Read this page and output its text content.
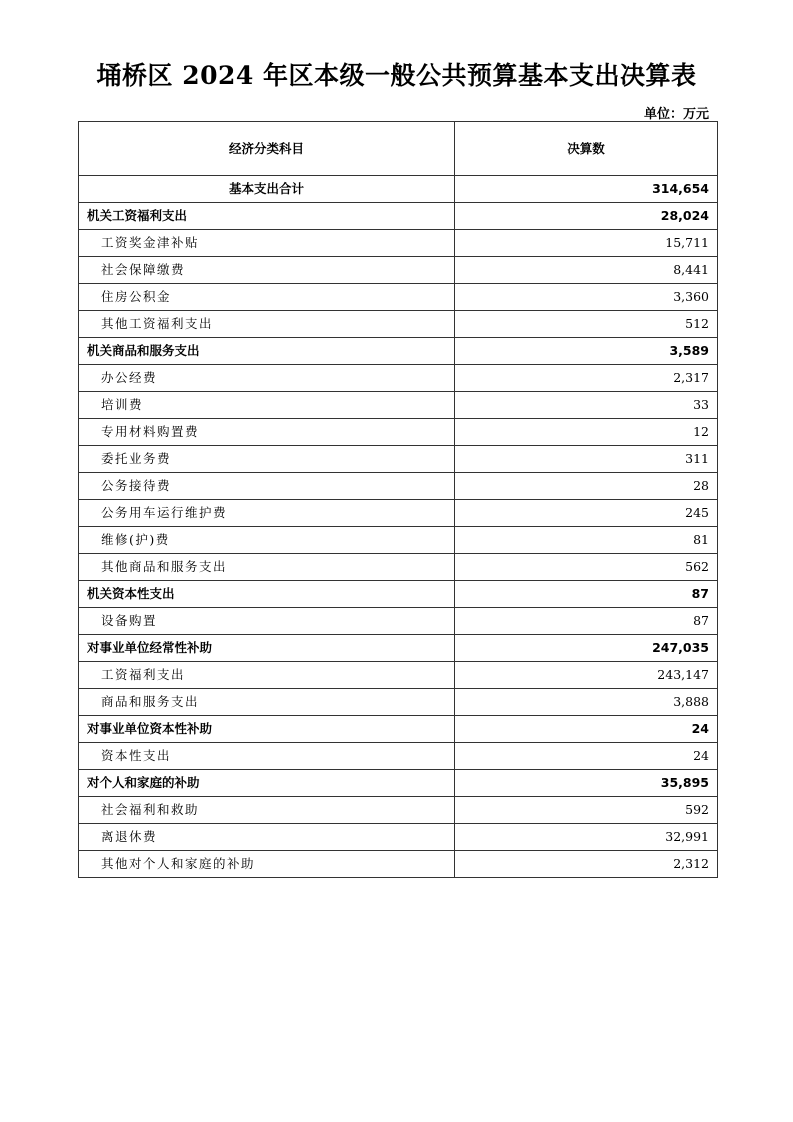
埇桥区 2024 年区本级一般公共预算基本支出决算表
单位：万元
经济分类科目	决算数
基本支出合计	314,654
机关工资福利支出	28,024
工资奖金津补贴	15,711
社会保障缴费	8,441
住房公积金	3,360
其他工资福利支出	512
机关商品和服务支出	3,589
办公经费	2,317
培训费	33
专用材料购置费	12
委托业务费	311
公务接待费	28
公务用车运行维护费	245
维修(护)费	81
其他商品和服务支出	562
机关资本性支出	87
设备购置	87
对事业单位经常性补助	247,035
工资福利支出	243,147
商品和服务支出	3,888
对事业单位资本性补助	24
资本性支出	24
对个人和家庭的补助	35,895
社会福利和救助	592
离退休费	32,991
其他对个人和家庭的补助	2,312
